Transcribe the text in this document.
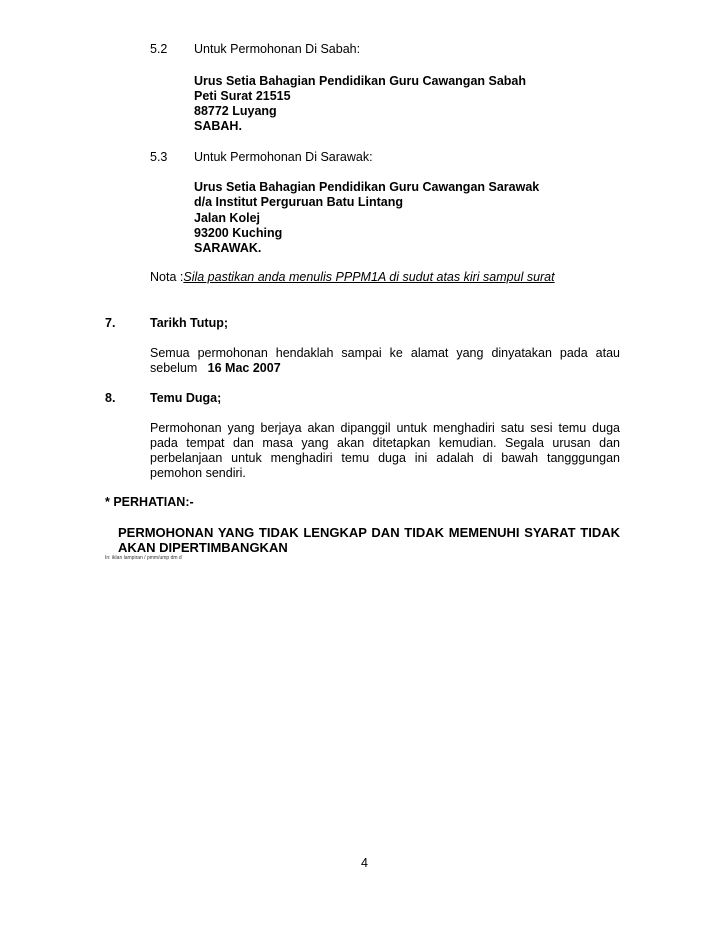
5.2 Untuk Permohonan Di Sabah:
Urus Setia Bahagian Pendidikan Guru Cawangan Sabah
Peti Surat 21515
88772 Luyang
SABAH.
5.3 Untuk Permohonan Di Sarawak:
Urus Setia Bahagian Pendidikan Guru Cawangan Sarawak
d/a Institut Perguruan Batu Lintang
Jalan Kolej
93200 Kuching
SARAWAK.
Nota :Sila pastikan anda menulis PPPM1A di sudut atas kiri sampul surat
7.	Tarikh Tutup;
Semua permohonan hendaklah sampai ke alamat yang dinyatakan pada atau
sebelum 16 Mac 2007
8.	Temu Duga;
Permohonan yang berjaya akan dipanggil untuk menghadiri satu sesi temu duga
pada tempat dan masa yang akan ditetapkan kemudian. Segala urusan dan
perbelanjaan untuk menghadiri temu duga ini adalah di bawah tangggungan
pemohon sendiri.
* PERHATIAN:-
PERMOHONAN YANG TIDAK LENGKAP DAN TIDAK MEMENUHI SYARAT TIDAK
AKAN DIPERTIMBANGKAN
In: iklan lampiran / pmm/ump dm d
4
